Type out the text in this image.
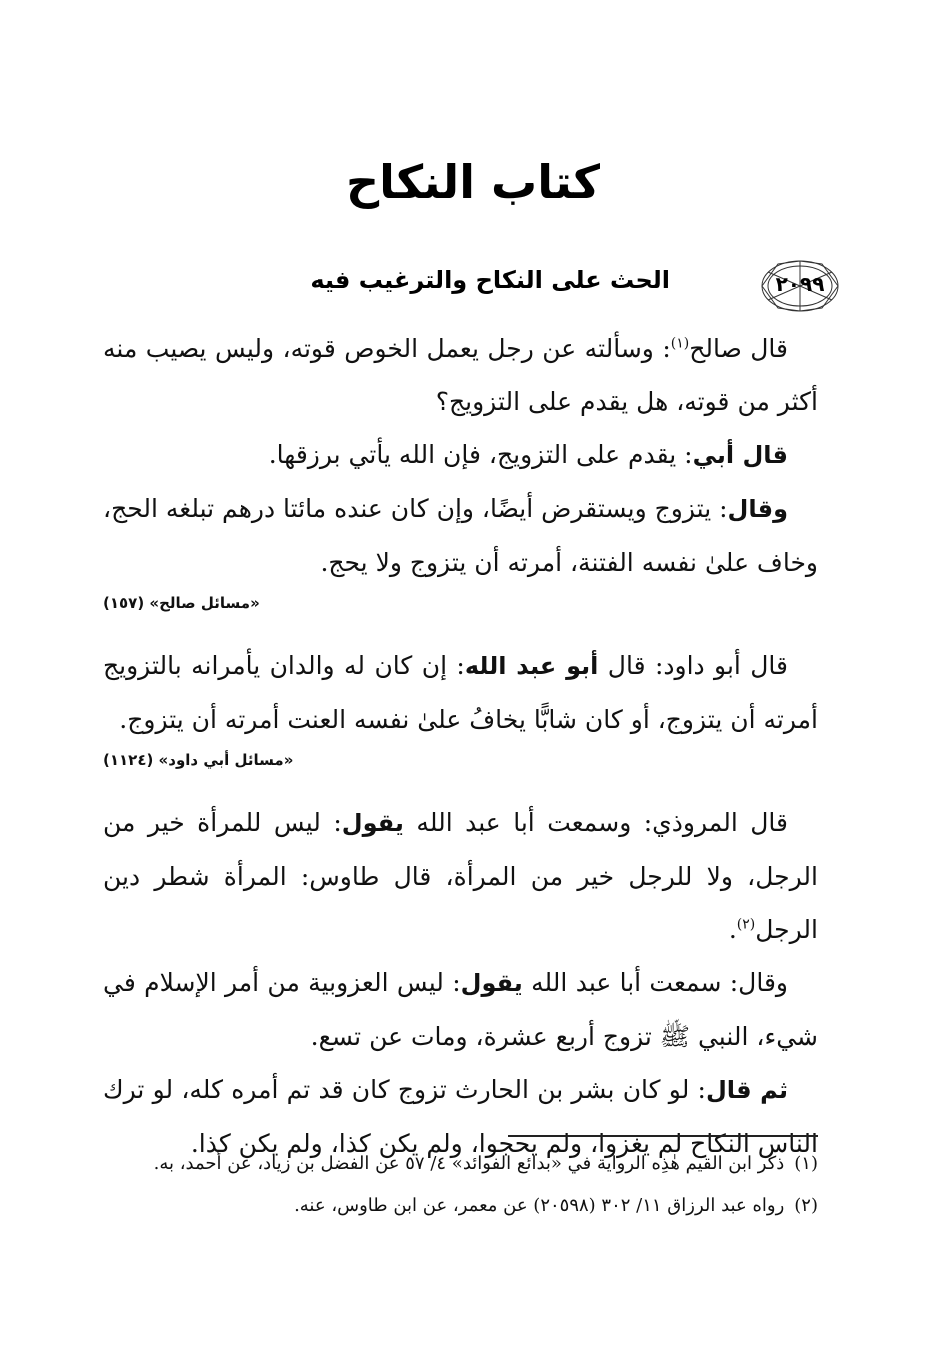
كتاب النكاح
٢٠٩٩
الحث على النكاح والترغيب فيه

قال صالح$^{(١)}$: وسألته عن رجل يعمل الخوص قوته، وليس يصيب منه أكثر من قوته، هل يقدم على التزويج؟

قال أبي: يقدم على التزويج، فإن الله يأتي برزقها.

وقال: يتزوج ويستقرض أيضًا، وإن كان عنده مائتا درهم تبلغه الحج، وخاف علىٰ نفسه الفتنة، أمرته أن يتزوج ولا يحج.

«مسائل صالح» (١٥٧)

قال أبو داود: قال أبو عبد الله: إن كان له والدان يأمرانه بالتزويج أمرته أن يتزوج، أو كان شابًّا يخافُ علىٰ نفسه العنت أمرته أن يتزوج.

«مسائل أبي داود» (١١٢٤)

قال المروذي: وسمعت أبا عبد الله يقول: ليس للمرأة خير من الرجل، ولا للرجل خير من المرأة، قال طاوس: المرأة شطر دين الرجل$^{(٢)}$.

وقال: سمعت أبا عبد الله يقول: ليس العزوبية من أمر الإسلام في شيء، النبي ﷺ تزوج أربع عشرة، ومات عن تسع.

ثم قال: لو كان بشر بن الحارث تزوج كان قد تم أمره كله، لو ترك الناس النكاح لم يغزوا، ولم يحجوا، ولم يكن كذا، ولم يكن كذا.

(١)ذكر ابن القيم هٰذِه الرواية في «بدائع الفوائد» ٤/ ٥٧ عن الفضل بن زياد، عن أحمد، به.

(٢)رواه عبد الرزاق ١١/ ٣٠٢ (٢٠٥٩٨) عن معمر، عن ابن طاوس، عنه.
